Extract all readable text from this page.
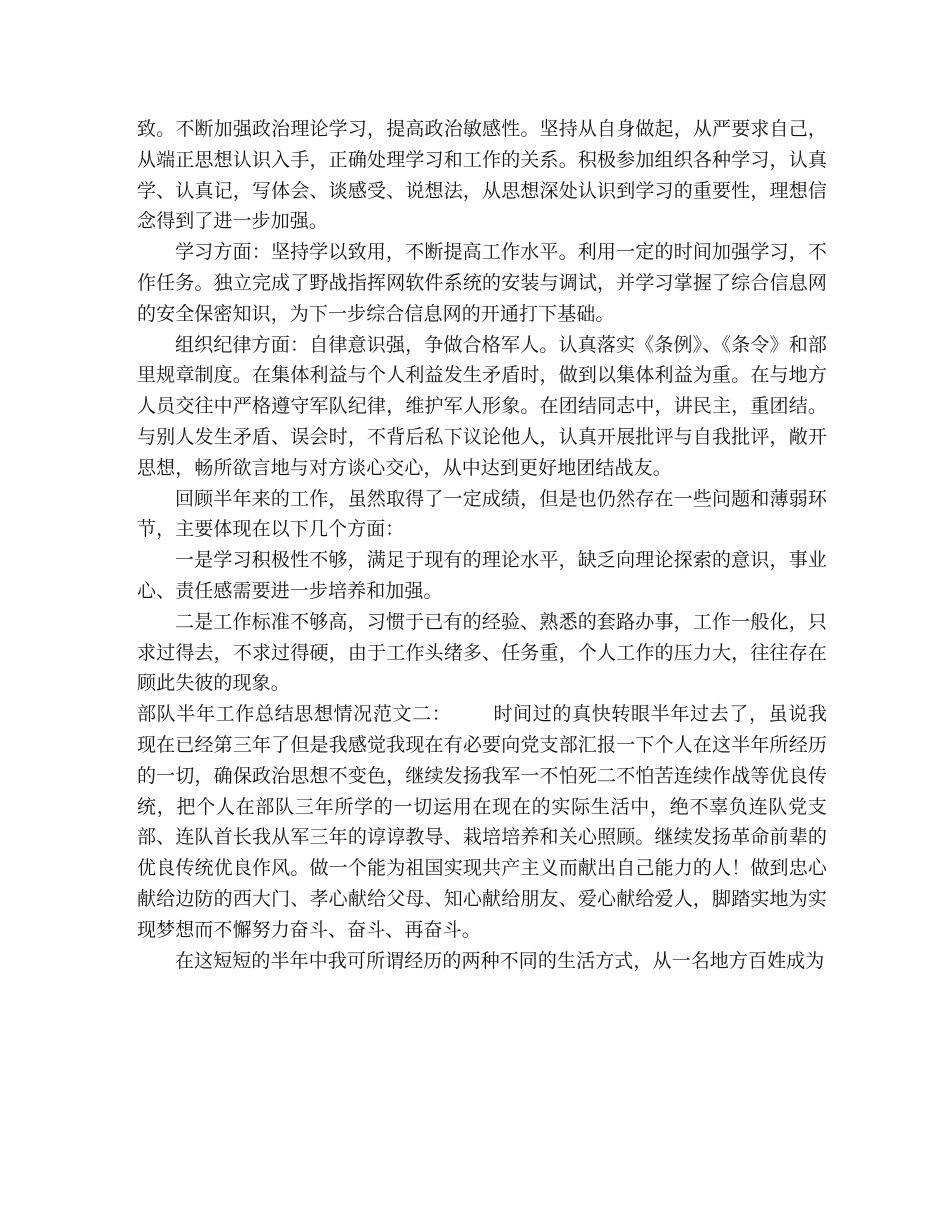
致。不断加强政治理论学习，提高政治敏感性。坚持从自身做起，从严要求自己，从端正思想认识入手，正确处理学习和工作的关系。积极参加组织各种学习，认真学、认真记，写体会、谈感受、说想法，从思想深处认识到学习的重要性，理想信念得到了进一步加强。

学习方面：坚持学以致用，不断提高工作水平。利用一定的时间加强学习，不作任务。独立完成了野战指挥网软件系统的安装与调试，并学习掌握了综合信息网的安全保密知识，为下一步综合信息网的开通打下基础。

组织纪律方面：自律意识强，争做合格军人。认真落实《条例》、《条令》和部里规章制度。在集体利益与个人利益发生矛盾时，做到以集体利益为重。在与地方人员交往中严格遵守军队纪律，维护军人形象。在团结同志中，讲民主，重团结。与别人发生矛盾、误会时，不背后私下议论他人，认真开展批评与自我批评，敞开思想，畅所欲言地与对方谈心交心，从中达到更好地团结战友。

回顾半年来的工作，虽然取得了一定成绩，但是也仍然存在一些问题和薄弱环节，主要体现在以下几个方面：

一是学习积极性不够，满足于现有的理论水平，缺乏向理论探索的意识，事业心、责任感需要进一步培养和加强。

二是工作标准不够高，习惯于已有的经验、熟悉的套路办事，工作一般化，只求过得去，不求过得硬，由于工作头绪多、任务重，个人工作的压力大，往往存在顾此失彼的现象。

部队半年工作总结思想情况范文二： 时间过的真快转眼半年过去了，虽说我现在已经第三年了但是我感觉我现在有必要向党支部汇报一下个人在这半年所经历的一切，确保政治思想不变色，继续发扬我军一不怕死二不怕苦连续作战等优良传统，把个人在部队三年所学的一切运用在现在的实际生活中，绝不辜负连队党支部、连队首长我从军三年的谆谆教导、栽培培养和关心照顾。继续发扬革命前辈的优良传统优良作风。做一个能为祖国实现共产主义而献出自己能力的人！做到忠心献给边防的西大门、孝心献给父母、知心献给朋友、爱心献给爱人，脚踏实地为实现梦想而不懈努力奋斗、奋斗、再奋斗。

在这短短的半年中我可所谓经历的两种不同的生活方式，从一名地方百姓成为
